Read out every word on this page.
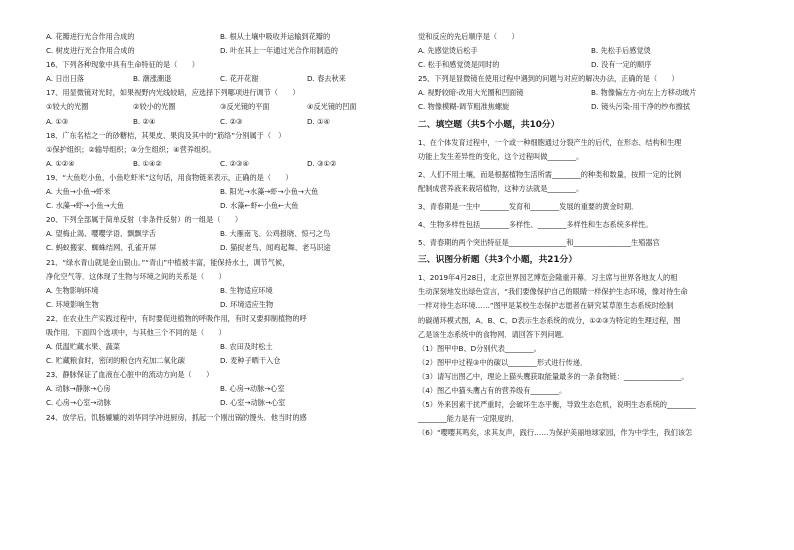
A. 花瓣进行光合作用合成的	B. 根从土壤中吸收并运输到花瓣的
C. 树皮进行光合作用合成的	D. 叶在其上一年通过光合作用制造的
16、下列各种现象中具有生命特征的是（　　）
A. 日出日落	B. 潮涨潮退	C. 花开花谢	D. 春去秋来
17、用显微镜对光时，如果视野内光线较暗，应选择下列哪项进行调节（　　）
①较大的光圈	②较小的光圈	③反光镜的平面	④反光镜的凹面
A. ①③	B. ②④	C. ②③	D. ①④
18、广东名桔之一的砂糖桔，其果皮、果肉及其中的“筋络”分别属于（　）
①保护组织；②输导组织；③分生组织；④营养组织。
A. ①②④	B. ①④②	C. ②③④	D. ③①②
19、“大鱼吃小鱼，小鱼吃虾米”这句话，用食物链来表示，正确的是（　　）
A. 大鱼→小鱼→虾米	B. 阳光→水藻→虾→小鱼→大鱼
C. 水藻→虾→小鱼→大鱼	D. 水藻←虾←小鱼←大鱼
20、下列全部属于简单反射（非条件反射）的一组是（　　）
A. 望梅止渴、嘤嘤学语、飘飘学舌	B. 大雁南飞、公鸡报晓、惊弓之鸟
C. 蚂蚁搬家、蜘蛛结网、孔雀开屏	D. 猫捉老鸟、闻鸡起舞、老马识途
21、“绿水青山就是金山银山。”“青山”中植被丰富，能保持水土，调节气候，
净化空气等．这体现了生物与环境之间的关系是（　　）
A. 生物影响环境	B. 生物适应环境
C. 环境影响生物	D. 环境适应生物
22、在农业生产实践过程中，有时要促进植物的呼吸作用，有时又要抑制植物的呼
吸作用．下面四个选项中，与其他三个不同的是（　　）
A. 低温贮藏水果、蔬菜	B. 农田及时松土
C. 贮藏粮食时，密闭的粮仓内充加二氧化碳	D. 麦种子晒干入仓
23、静脉保证了血液在心脏中的流动方向是（　　）
A. 动脉→静脉→心房	B. 心房→动脉→心室
C. 心房→心室→动脉	D. 心室→动脉→心室
24、放学后，饥肠辘辘的刘华同学冲进厨房，抓起一个刚出锅的馒头．他当时的感
觉和反应的先后顺序是（　　）
A. 先感觉烫后松手	B. 先松手后感觉烫
C. 松手和感觉烫是同时的	D. 没有一定的顺序
25、下列是显微镜在使用过程中遇到的问题与对应的解决办法，正确的是（　　）
A. 视野较暗-改用大光圈和凹面镜	B. 物像偏左方-向左上方移动玻片
C. 物像模糊-调节粗准焦螺旋	D. 镜头污染-用干净的纱布擦拭
二、填空题（共5个小题，共10分）
1、在个体发育过程中，一个或一种细胞通过分裂产生的后代，在形态、结构和生理
功能上发生差异性的变化，这个过程叫做________。
2、人们不用土壤，而是根据植物生活所需________的种类和数量，按照一定的比例
配制成营养液来栽培植物，这种方法就是________。
3、青春期是一生中________发育和________发展的重要的黄金时期．
4、生物多样性包括________多样性、________多样性和生态系统多样性。
5、青春期的两个突出特征是________________和________________生殖器官
三、识图分析题（共3个小题，共21分）
1、2019年4月28日，北京世界园艺博览会隆重开幕．习主席与世界各地友人的相
生动深刻地发出绿色宣言，“我们要像保护自己的眼睛一样保护生态环境，像对待生命
一样对待生态环境……”图甲是某校生态保护志愿者在研究某草原生态系统时绘制
的碳循环模式图，A、B、C、D表示生态系统的成分，①②③为特定的生理过程，图
乙是该生态系统中的食物网．请回答下列问题．
（1）图甲中B、D分别代表________。
（2）图甲中过程③中的碳以________形式进行传递．
（3）请写出图乙中，理论上猫头鹰获取能量最多的一条食物链：________________。
（4）图乙中猫头鹰占有的营养级有________。
（5）外来因素干扰严重时，会破坏生态平衡，导致生态危机，说明生态系统的________
________能力是有一定限度的．
（6）“嘤嘤其鸣矣，求其友声，践行……为保护美丽地球家园，作为中学生，我们该怎
